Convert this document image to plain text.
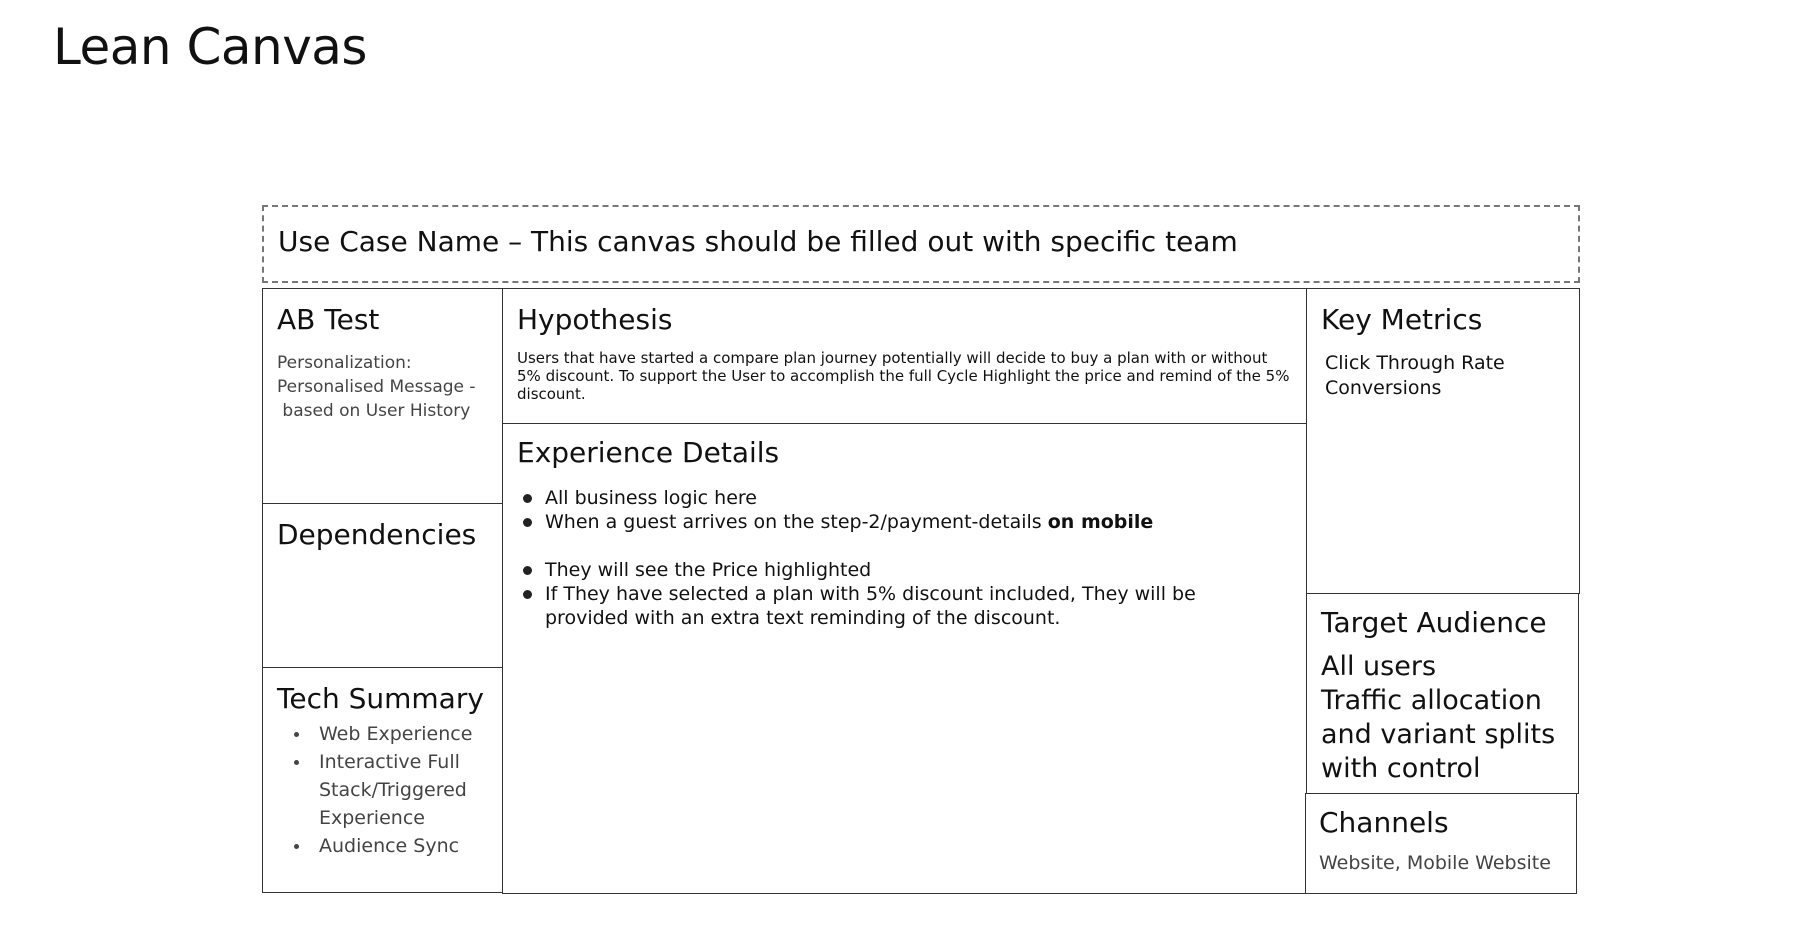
Lean Canvas
Use Case Name – This canvas should be filled out with specific team
AB Test
Personalization:
Personalised Message -
based on User History
Dependencies
Tech Summary
Web Experience
Interactive Full Stack/Triggered Experience
Audience Sync
Hypothesis
Users that have started a compare plan journey potentially will decide to buy a plan with or without 5% discount. To support the User to accomplish the full Cycle Highlight the price and remind of the 5% discount.
Experience Details
All business logic here
When a guest arrives on the step-2/payment-details on mobile
They will see the Price highlighted
If They have selected a plan with 5% discount included, They will be provided with an extra text reminding of the discount.
Key Metrics
Click Through Rate
Conversions
Target Audience
All users
Traffic allocation and variant splits with control
Channels
Website, Mobile Website
